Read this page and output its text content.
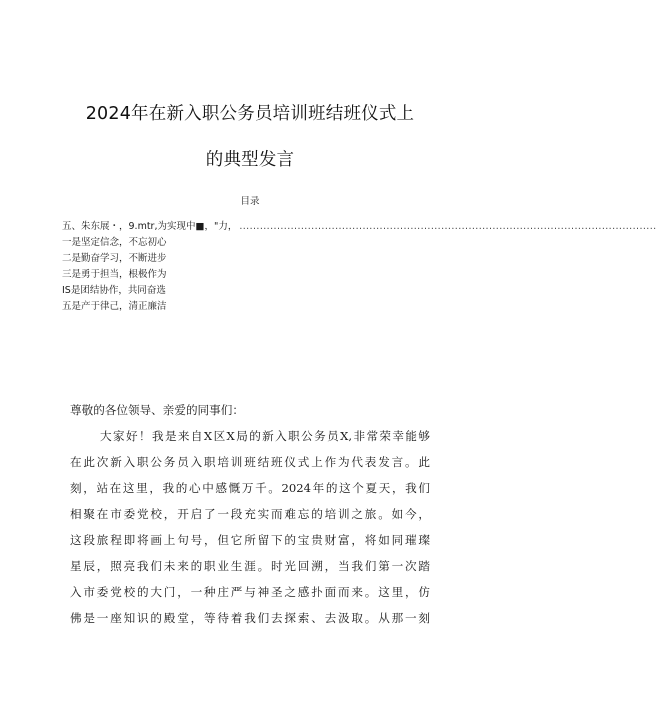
2024年在新入职公务员培训班结班仪式上
的典型发言
目录
五、朱东展・，9.mtr,为实现中■，"力， ..........................................................................................................................
一是坚定信念，不忘初心
二是勤奋学习，不断进步
三是勇于担当，根极作为
IS是团结协作，共同奋选
五是产于律己，清正廉洁
尊敬的各位领导、亲爱的同事们：
大家好！我是来自X区X局的新入职公务员X,非常荣幸能够
在此次新入职公务员入职培训班结班仪式上作为代表发言。此
刻，站在这里，我的心中感慨万千。2024年的这个夏天，我们
相聚在市委党校，开启了一段充实而难忘的培训之旅。如今，
这段旅程即将画上句号，但它所留下的宝贵财富，将如同璀璨
星辰，照亮我们未来的职业生涯。时光回溯，当我们第一次踏
入市委党校的大门，一种庄严与神圣之感扑面而来。这里，仿
佛是一座知识的殿堂，等待着我们去探索、去汲取。从那一刻
